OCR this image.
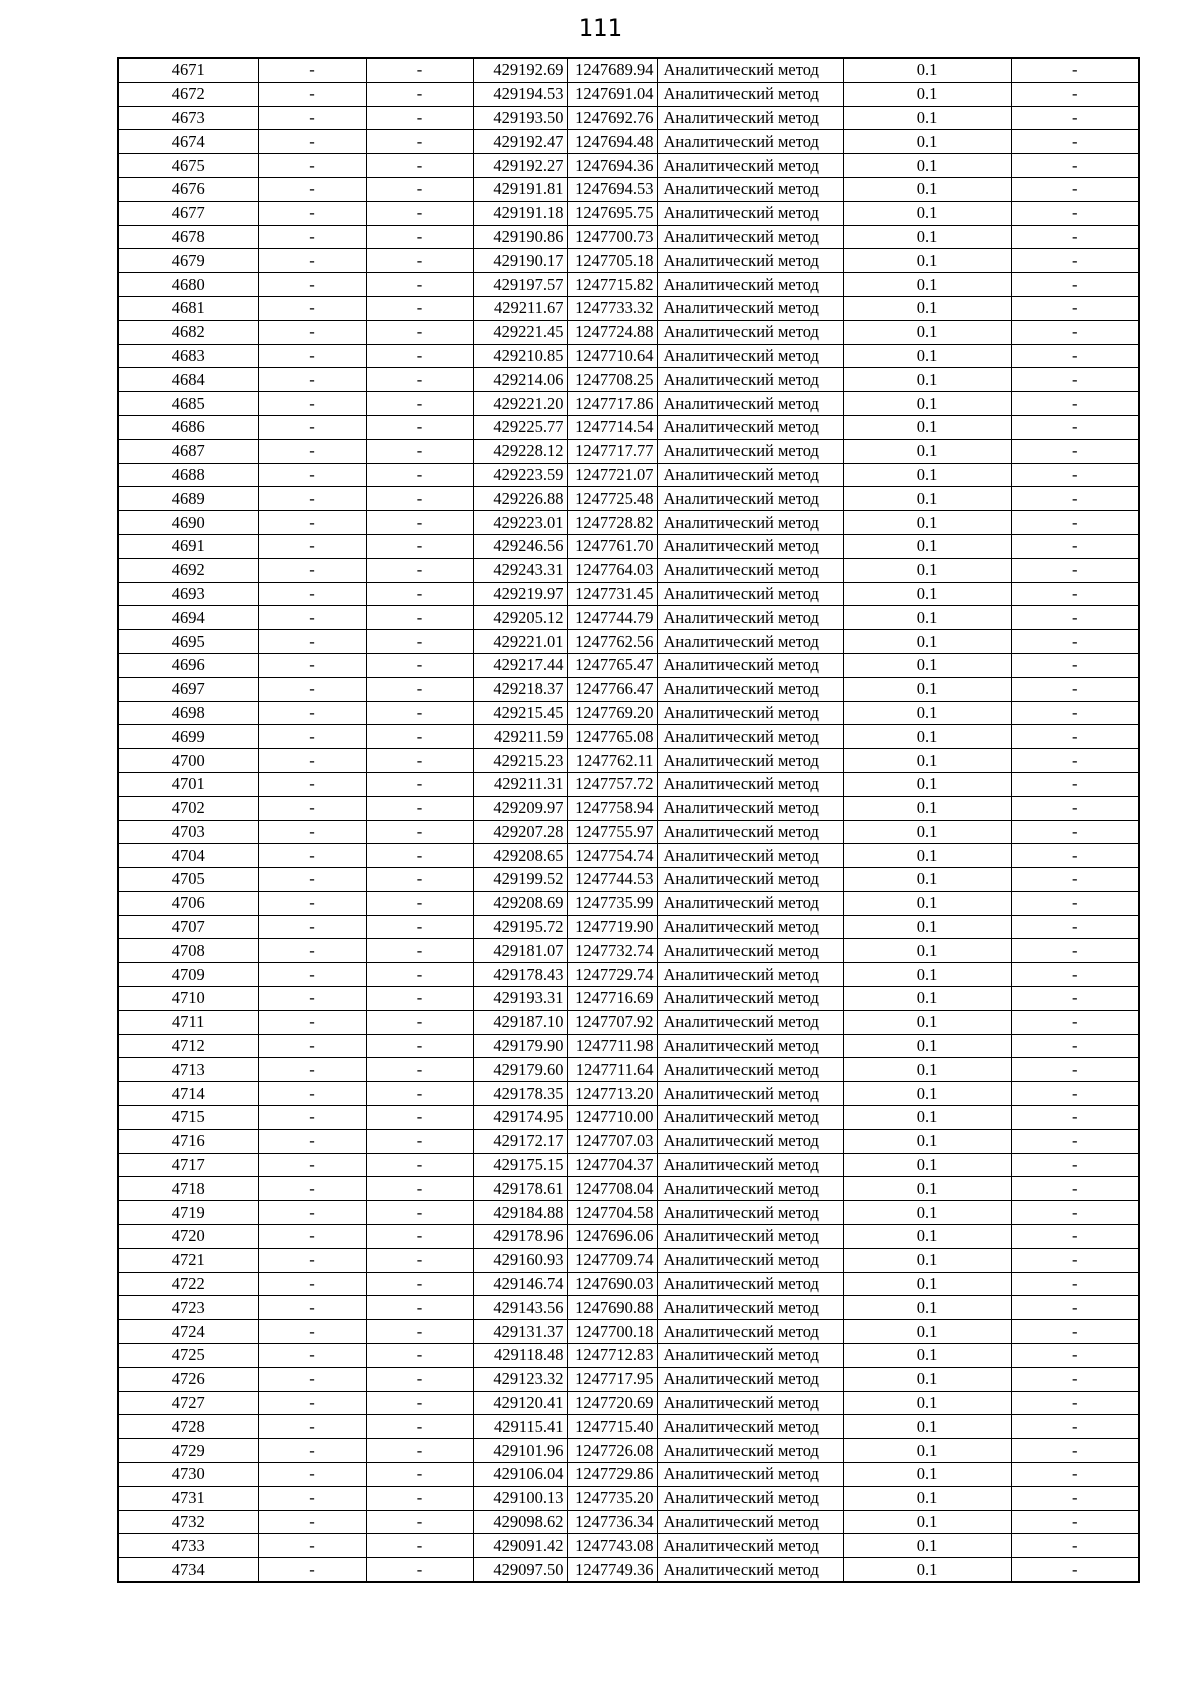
111
4671	-	-	429192.69	1247689.94	Аналитический метод	0.1	-
4672	-	-	429194.53	1247691.04	Аналитический метод	0.1	-
4673	-	-	429193.50	1247692.76	Аналитический метод	0.1	-
4674	-	-	429192.47	1247694.48	Аналитический метод	0.1	-
4675	-	-	429192.27	1247694.36	Аналитический метод	0.1	-
4676	-	-	429191.81	1247694.53	Аналитический метод	0.1	-
4677	-	-	429191.18	1247695.75	Аналитический метод	0.1	-
4678	-	-	429190.86	1247700.73	Аналитический метод	0.1	-
4679	-	-	429190.17	1247705.18	Аналитический метод	0.1	-
4680	-	-	429197.57	1247715.82	Аналитический метод	0.1	-
4681	-	-	429211.67	1247733.32	Аналитический метод	0.1	-
4682	-	-	429221.45	1247724.88	Аналитический метод	0.1	-
4683	-	-	429210.85	1247710.64	Аналитический метод	0.1	-
4684	-	-	429214.06	1247708.25	Аналитический метод	0.1	-
4685	-	-	429221.20	1247717.86	Аналитический метод	0.1	-
4686	-	-	429225.77	1247714.54	Аналитический метод	0.1	-
4687	-	-	429228.12	1247717.77	Аналитический метод	0.1	-
4688	-	-	429223.59	1247721.07	Аналитический метод	0.1	-
4689	-	-	429226.88	1247725.48	Аналитический метод	0.1	-
4690	-	-	429223.01	1247728.82	Аналитический метод	0.1	-
4691	-	-	429246.56	1247761.70	Аналитический метод	0.1	-
4692	-	-	429243.31	1247764.03	Аналитический метод	0.1	-
4693	-	-	429219.97	1247731.45	Аналитический метод	0.1	-
4694	-	-	429205.12	1247744.79	Аналитический метод	0.1	-
4695	-	-	429221.01	1247762.56	Аналитический метод	0.1	-
4696	-	-	429217.44	1247765.47	Аналитический метод	0.1	-
4697	-	-	429218.37	1247766.47	Аналитический метод	0.1	-
4698	-	-	429215.45	1247769.20	Аналитический метод	0.1	-
4699	-	-	429211.59	1247765.08	Аналитический метод	0.1	-
4700	-	-	429215.23	1247762.11	Аналитический метод	0.1	-
4701	-	-	429211.31	1247757.72	Аналитический метод	0.1	-
4702	-	-	429209.97	1247758.94	Аналитический метод	0.1	-
4703	-	-	429207.28	1247755.97	Аналитический метод	0.1	-
4704	-	-	429208.65	1247754.74	Аналитический метод	0.1	-
4705	-	-	429199.52	1247744.53	Аналитический метод	0.1	-
4706	-	-	429208.69	1247735.99	Аналитический метод	0.1	-
4707	-	-	429195.72	1247719.90	Аналитический метод	0.1	-
4708	-	-	429181.07	1247732.74	Аналитический метод	0.1	-
4709	-	-	429178.43	1247729.74	Аналитический метод	0.1	-
4710	-	-	429193.31	1247716.69	Аналитический метод	0.1	-
4711	-	-	429187.10	1247707.92	Аналитический метод	0.1	-
4712	-	-	429179.90	1247711.98	Аналитический метод	0.1	-
4713	-	-	429179.60	1247711.64	Аналитический метод	0.1	-
4714	-	-	429178.35	1247713.20	Аналитический метод	0.1	-
4715	-	-	429174.95	1247710.00	Аналитический метод	0.1	-
4716	-	-	429172.17	1247707.03	Аналитический метод	0.1	-
4717	-	-	429175.15	1247704.37	Аналитический метод	0.1	-
4718	-	-	429178.61	1247708.04	Аналитический метод	0.1	-
4719	-	-	429184.88	1247704.58	Аналитический метод	0.1	-
4720	-	-	429178.96	1247696.06	Аналитический метод	0.1	-
4721	-	-	429160.93	1247709.74	Аналитический метод	0.1	-
4722	-	-	429146.74	1247690.03	Аналитический метод	0.1	-
4723	-	-	429143.56	1247690.88	Аналитический метод	0.1	-
4724	-	-	429131.37	1247700.18	Аналитический метод	0.1	-
4725	-	-	429118.48	1247712.83	Аналитический метод	0.1	-
4726	-	-	429123.32	1247717.95	Аналитический метод	0.1	-
4727	-	-	429120.41	1247720.69	Аналитический метод	0.1	-
4728	-	-	429115.41	1247715.40	Аналитический метод	0.1	-
4729	-	-	429101.96	1247726.08	Аналитический метод	0.1	-
4730	-	-	429106.04	1247729.86	Аналитический метод	0.1	-
4731	-	-	429100.13	1247735.20	Аналитический метод	0.1	-
4732	-	-	429098.62	1247736.34	Аналитический метод	0.1	-
4733	-	-	429091.42	1247743.08	Аналитический метод	0.1	-
4734	-	-	429097.50	1247749.36	Аналитический метод	0.1	-
